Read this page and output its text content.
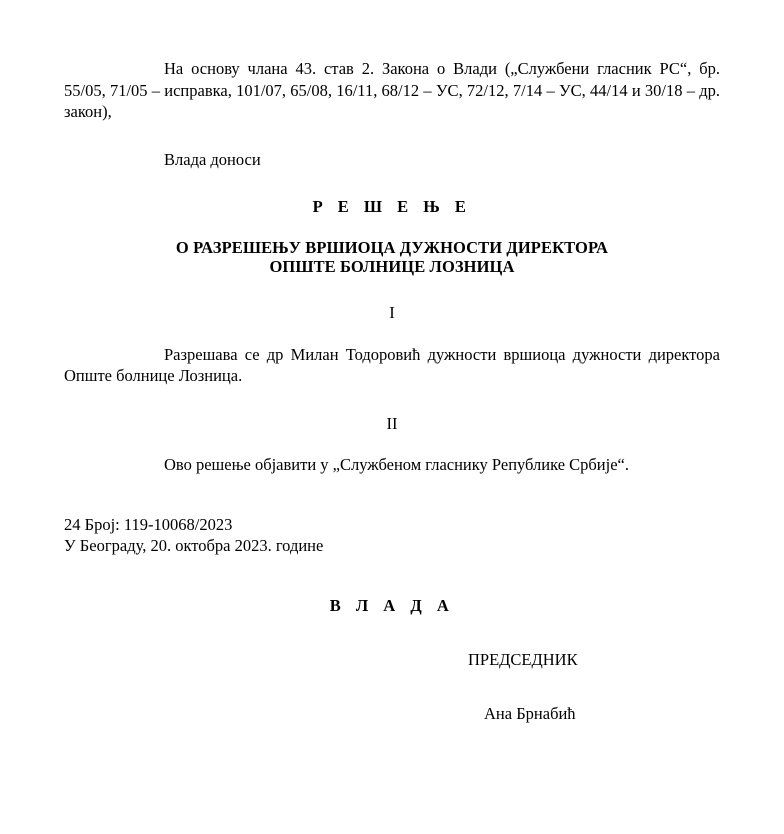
На основу члана 43. став 2. Закона о Влади („Службени гласник РС“, бр. 55/05, 71/05 – исправка, 101/07, 65/08, 16/11, 68/12 – УС, 72/12, 7/14 – УС, 44/14 и 30/18 – др. закон),

Влада доноси

Р Е Ш Е Њ Е

О РАЗРЕШЕЊУ ВРШИОЦА ДУЖНОСТИ ДИРЕКТОРА

ОПШТЕ БОЛНИЦЕ ЛОЗНИЦА

I

Разрешава се др Милан Тодоровић дужности вршиоца дужности директора Опште болнице Лозница.

II

Ово решење објавити у „Службеном гласнику Републике Србије“.

24 Број: 119-10068/2023

У Београду, 20. октобра 2023. године

В Л А Д А

ПРЕДСЕДНИК

Ана Брнабић
